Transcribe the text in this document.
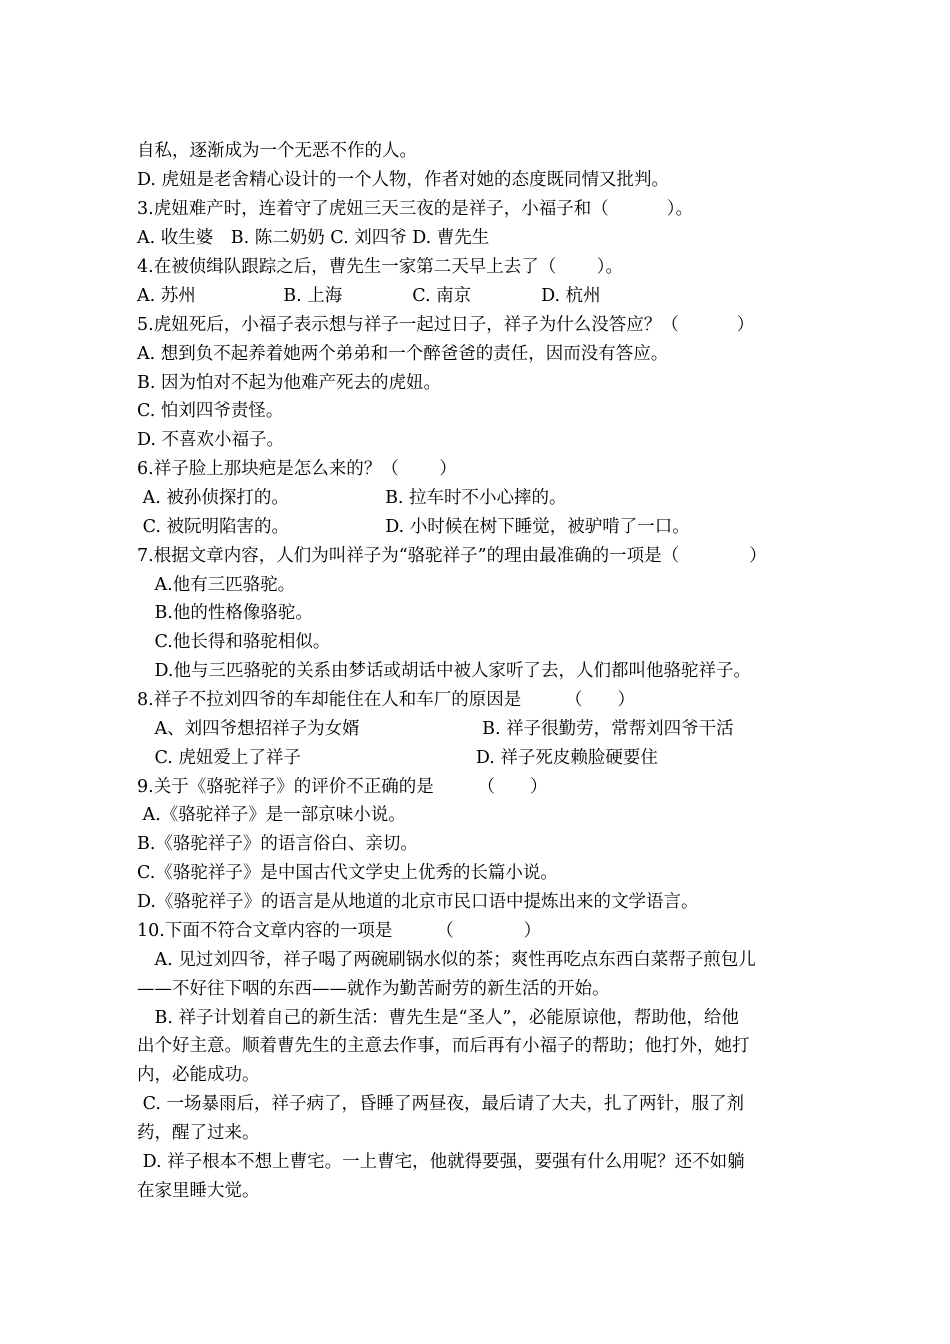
自私，逐渐成为一个无恶不作的人。
D. 虎妞是老舍精心设计的一个人物，作者对她的态度既同情又批判。
3.虎妞难产时，连着守了虎妞三天三夜的是祥子，小福子和（　　　 ）。
A. 收生婆　B. 陈二奶奶 C. 刘四爷 D. 曹先生
4.在被侦缉队跟踪之后，曹先生一家第二天早上去了（　　 ）。
A. 苏州　　　　　B. 上海　　　　C. 南京　　　　D. 杭州
5.虎妞死后，小福子表示想与祥子一起过日子，祥子为什么没答应？（　　　 ）
A. 想到负不起养着她两个弟弟和一个醉爸爸的责任，因而没有答应。
B. 因为怕对不起为他难产死去的虎妞。
C. 怕刘四爷责怪。
D. 不喜欢小福子。
6.祥子脸上那块疤是怎么来的？（　　 ）
A. 被孙侦探打的。　　　　　　B. 拉车时不小心摔的。
C. 被阮明陷害的。　　　　　　D. 小时候在树下睡觉，被驴啃了一口。
7.根据文章内容，人们为叫祥子为“骆驼祥子”的理由最准确的一项是（　　　　）
　A.他有三匹骆驼。
　B.他的性格像骆驼。
　C.他长得和骆驼相似。
　D.他与三匹骆驼的关系由梦话或胡话中被人家听了去，人们都叫他骆驼祥子。
8.祥子不拉刘四爷的车却能住在人和车厂的原因是　　　（　　）
　A、刘四爷想招祥子为女婿　　　　　　　B. 祥子很勤劳，常帮刘四爷干活
　C. 虎妞爱上了祥子　　　　　　　　　　D. 祥子死皮赖脸硬要住
9.关于《骆驼祥子》的评价不正确的是　　　（　　）
A.《骆驼祥子》是一部京味小说。
B.《骆驼祥子》的语言俗白、亲切。
C.《骆驼祥子》是中国古代文学史上优秀的长篇小说。
D.《骆驼祥子》的语言是从地道的北京市民口语中提炼出来的文学语言。
10.下面不符合文章内容的一项是　　　（　　　　）
　A. 见过刘四爷，祥子喝了两碗刷锅水似的茶；爽性再吃点东西白菜帮子煎包儿
——不好往下咽的东西——就作为勤苦耐劳的新生活的开始。
　B. 祥子计划着自己的新生活：曹先生是“圣人”，必能原谅他，帮助他，给他
出个好主意。顺着曹先生的主意去作事，而后再有小福子的帮助；他打外，她打
内，必能成功。
C. 一场暴雨后，祥子病了，昏睡了两昼夜，最后请了大夫，扎了两针，服了剂
药，醒了过来。
D. 祥子根本不想上曹宅。一上曹宅，他就得要强，要强有什么用呢？还不如躺
在家里睡大觉。
